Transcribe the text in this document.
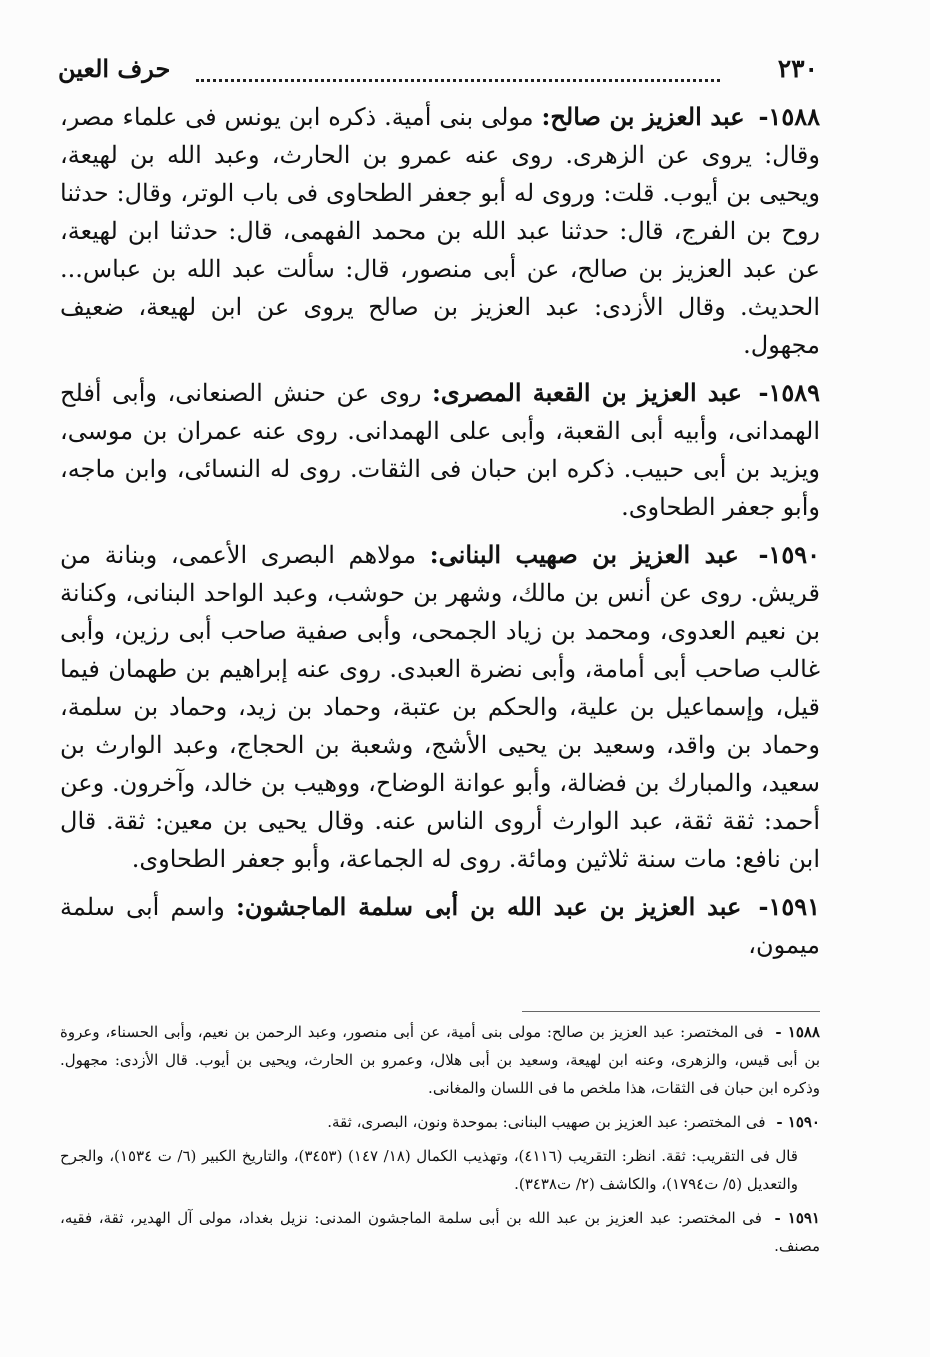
٢٣٠
حرف العين

١٥٨٨- عبد العزيز بن صالح: مولى بنى أمية. ذكره ابن يونس فى علماء مصر، وقال: يروى عن الزهرى. روى عنه عمرو بن الحارث، وعبد الله بن لهيعة، ويحيى بن أيوب. قلت: وروى له أبو جعفر الطحاوى فى باب الوتر، وقال: حدثنا روح بن الفرج، قال: حدثنا عبد الله بن محمد الفهمى، قال: حدثنا ابن لهيعة، عن عبد العزيز بن صالح، عن أبى منصور، قال: سألت عبد الله بن عباس... الحديث. وقال الأزدى: عبد العزيز بن صالح يروى عن ابن لهيعة، ضعيف مجهول.

١٥٨٩- عبد العزيز بن القعبة المصرى: روى عن حنش الصنعانى، وأبى أفلح الهمدانى، وأبيه أبى القعبة، وأبى على الهمدانى. روى عنه عمران بن موسى، ويزيد بن أبى حبيب. ذكره ابن حبان فى الثقات. روى له النسائى، وابن ماجه، وأبو جعفر الطحاوى.

١٥٩٠- عبد العزيز بن صهيب البنانى: مولاهم البصرى الأعمى، وبنانة من قريش. روى عن أنس بن مالك، وشهر بن حوشب، وعبد الواحد البنانى، وكنانة بن نعيم العدوى، ومحمد بن زياد الجمحى، وأبى صفية صاحب أبى رزين، وأبى غالب صاحب أبى أمامة، وأبى نضرة العبدى. روى عنه إبراهيم بن طهمان فيما قيل، وإسماعيل بن علية، والحكم بن عتبة، وحماد بن زيد، وحماد بن سلمة، وحماد بن واقد، وسعيد بن يحيى الأشج، وشعبة بن الحجاج، وعبد الوارث بن سعيد، والمبارك بن فضالة، وأبو عوانة الوضاح، ووهيب بن خالد، وآخرون. وعن أحمد: ثقة ثقة، عبد الوارث أروى الناس عنه. وقال يحيى بن معين: ثقة. قال ابن نافع: مات سنة ثلاثين ومائة. روى له الجماعة، وأبو جعفر الطحاوى.

١٥٩١- عبد العزيز بن عبد الله بن أبى سلمة الماجشون: واسم أبى سلمة ميمون،

١٥٨٨ - فى المختصر: عبد العزيز بن صالح: مولى بنى أمية، عن أبى منصور، وعبد الرحمن بن نعيم، وأبى الحسناء، وعروة بن أبى قيس، والزهرى، وعنه ابن لهيعة، وسعيد بن أبى هلال، وعمرو بن الحارث، ويحيى بن أيوب. قال الأزدى: مجهول. وذكره ابن حبان فى الثقات، هذا ملخص ما فى اللسان والمغانى.

١٥٩٠ - فى المختصر: عبد العزيز بن صهيب البنانى: بموحدة ونون، البصرى، ثقة.

قال فى التقريب: ثقة. انظر: التقريب (٤١١٦)، وتهذيب الكمال (١٨/ ١٤٧) (٣٤٥٣)، والتاريخ الكبير (٦/ ت ١٥٣٤)، والجرح والتعديل (٥/ ت١٧٩٤)، والكاشف (٢/ ت٣٤٣٨).

١٥٩١ - فى المختصر: عبد العزيز بن عبد الله بن أبى سلمة الماجشون المدنى: نزيل بغداد، مولى آل الهدير، ثقة، فقيه، مصنف.
